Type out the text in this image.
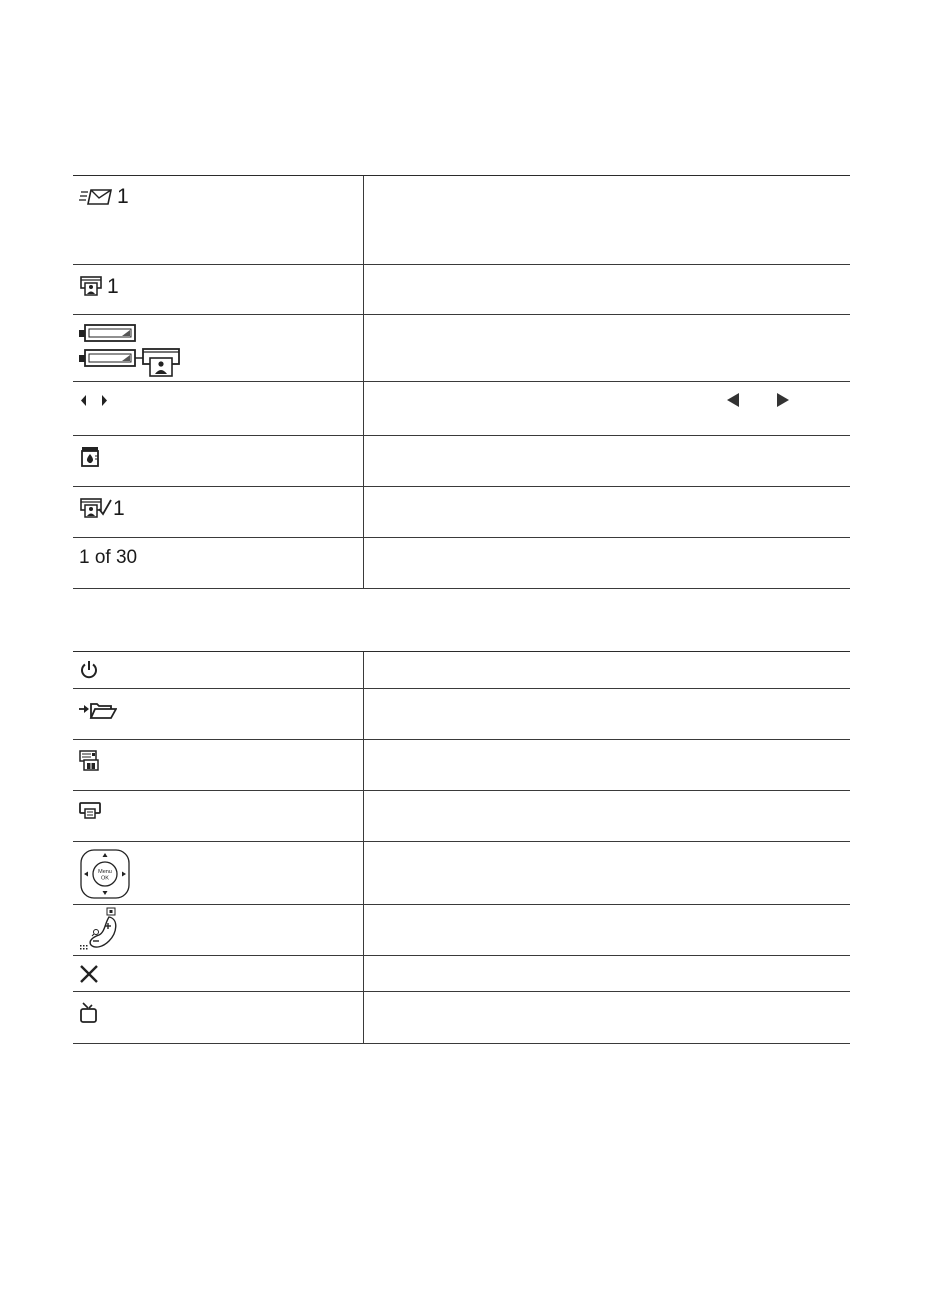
1
1
1
1 of 30
Menu
OK
